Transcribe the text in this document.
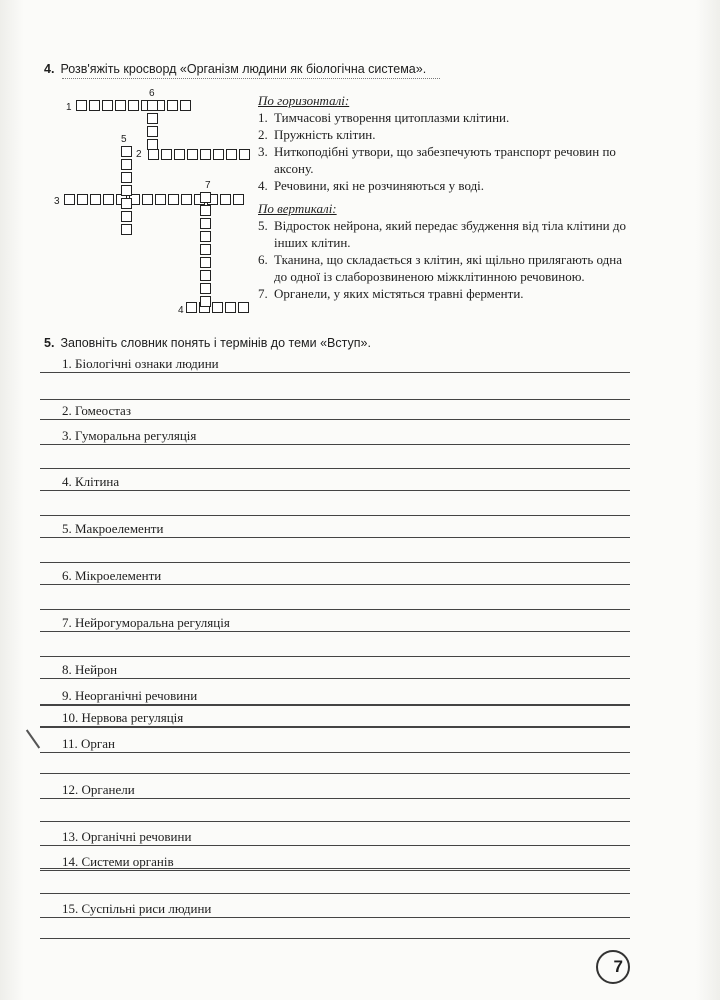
4. Розв'яжіть кросворд «Організм людини як біологічна система».
1
6
5
2
7
3
4

По горизонталі:

1. Тимчасові утворення цитоплазми клітини.

2. Пружність клітин.

3. Ниткоподібні утвори, що забезпечують транспорт речовин по аксону.

4. Речовини, які не розчиняються у воді.

По вертикалі:

5. Відросток нейрона, який передає збудження від тіла клітини до інших клітин.

6. Тканина, що складається з клітин, які щільно прилягають одна до одної із слаборозвиненою міжклітинною речовиною.

7. Органели, у яких містяться травні ферменти.

5. Заповніть словник понять і термінів до теми «Вступ».
1. Біологічні ознаки людини
2. Гомеостаз
3. Гуморальна регуляція
4. Клітина
5. Макроелементи
6. Мікроелементи
7. Нейрогуморальна регуляція
8. Нейрон
9. Неорганічні речовини
10. Нервова регуляція
11. Орган
12. Органели
13. Органічні речовини
14. Системи органів
15. Суспільні риси людини
7
